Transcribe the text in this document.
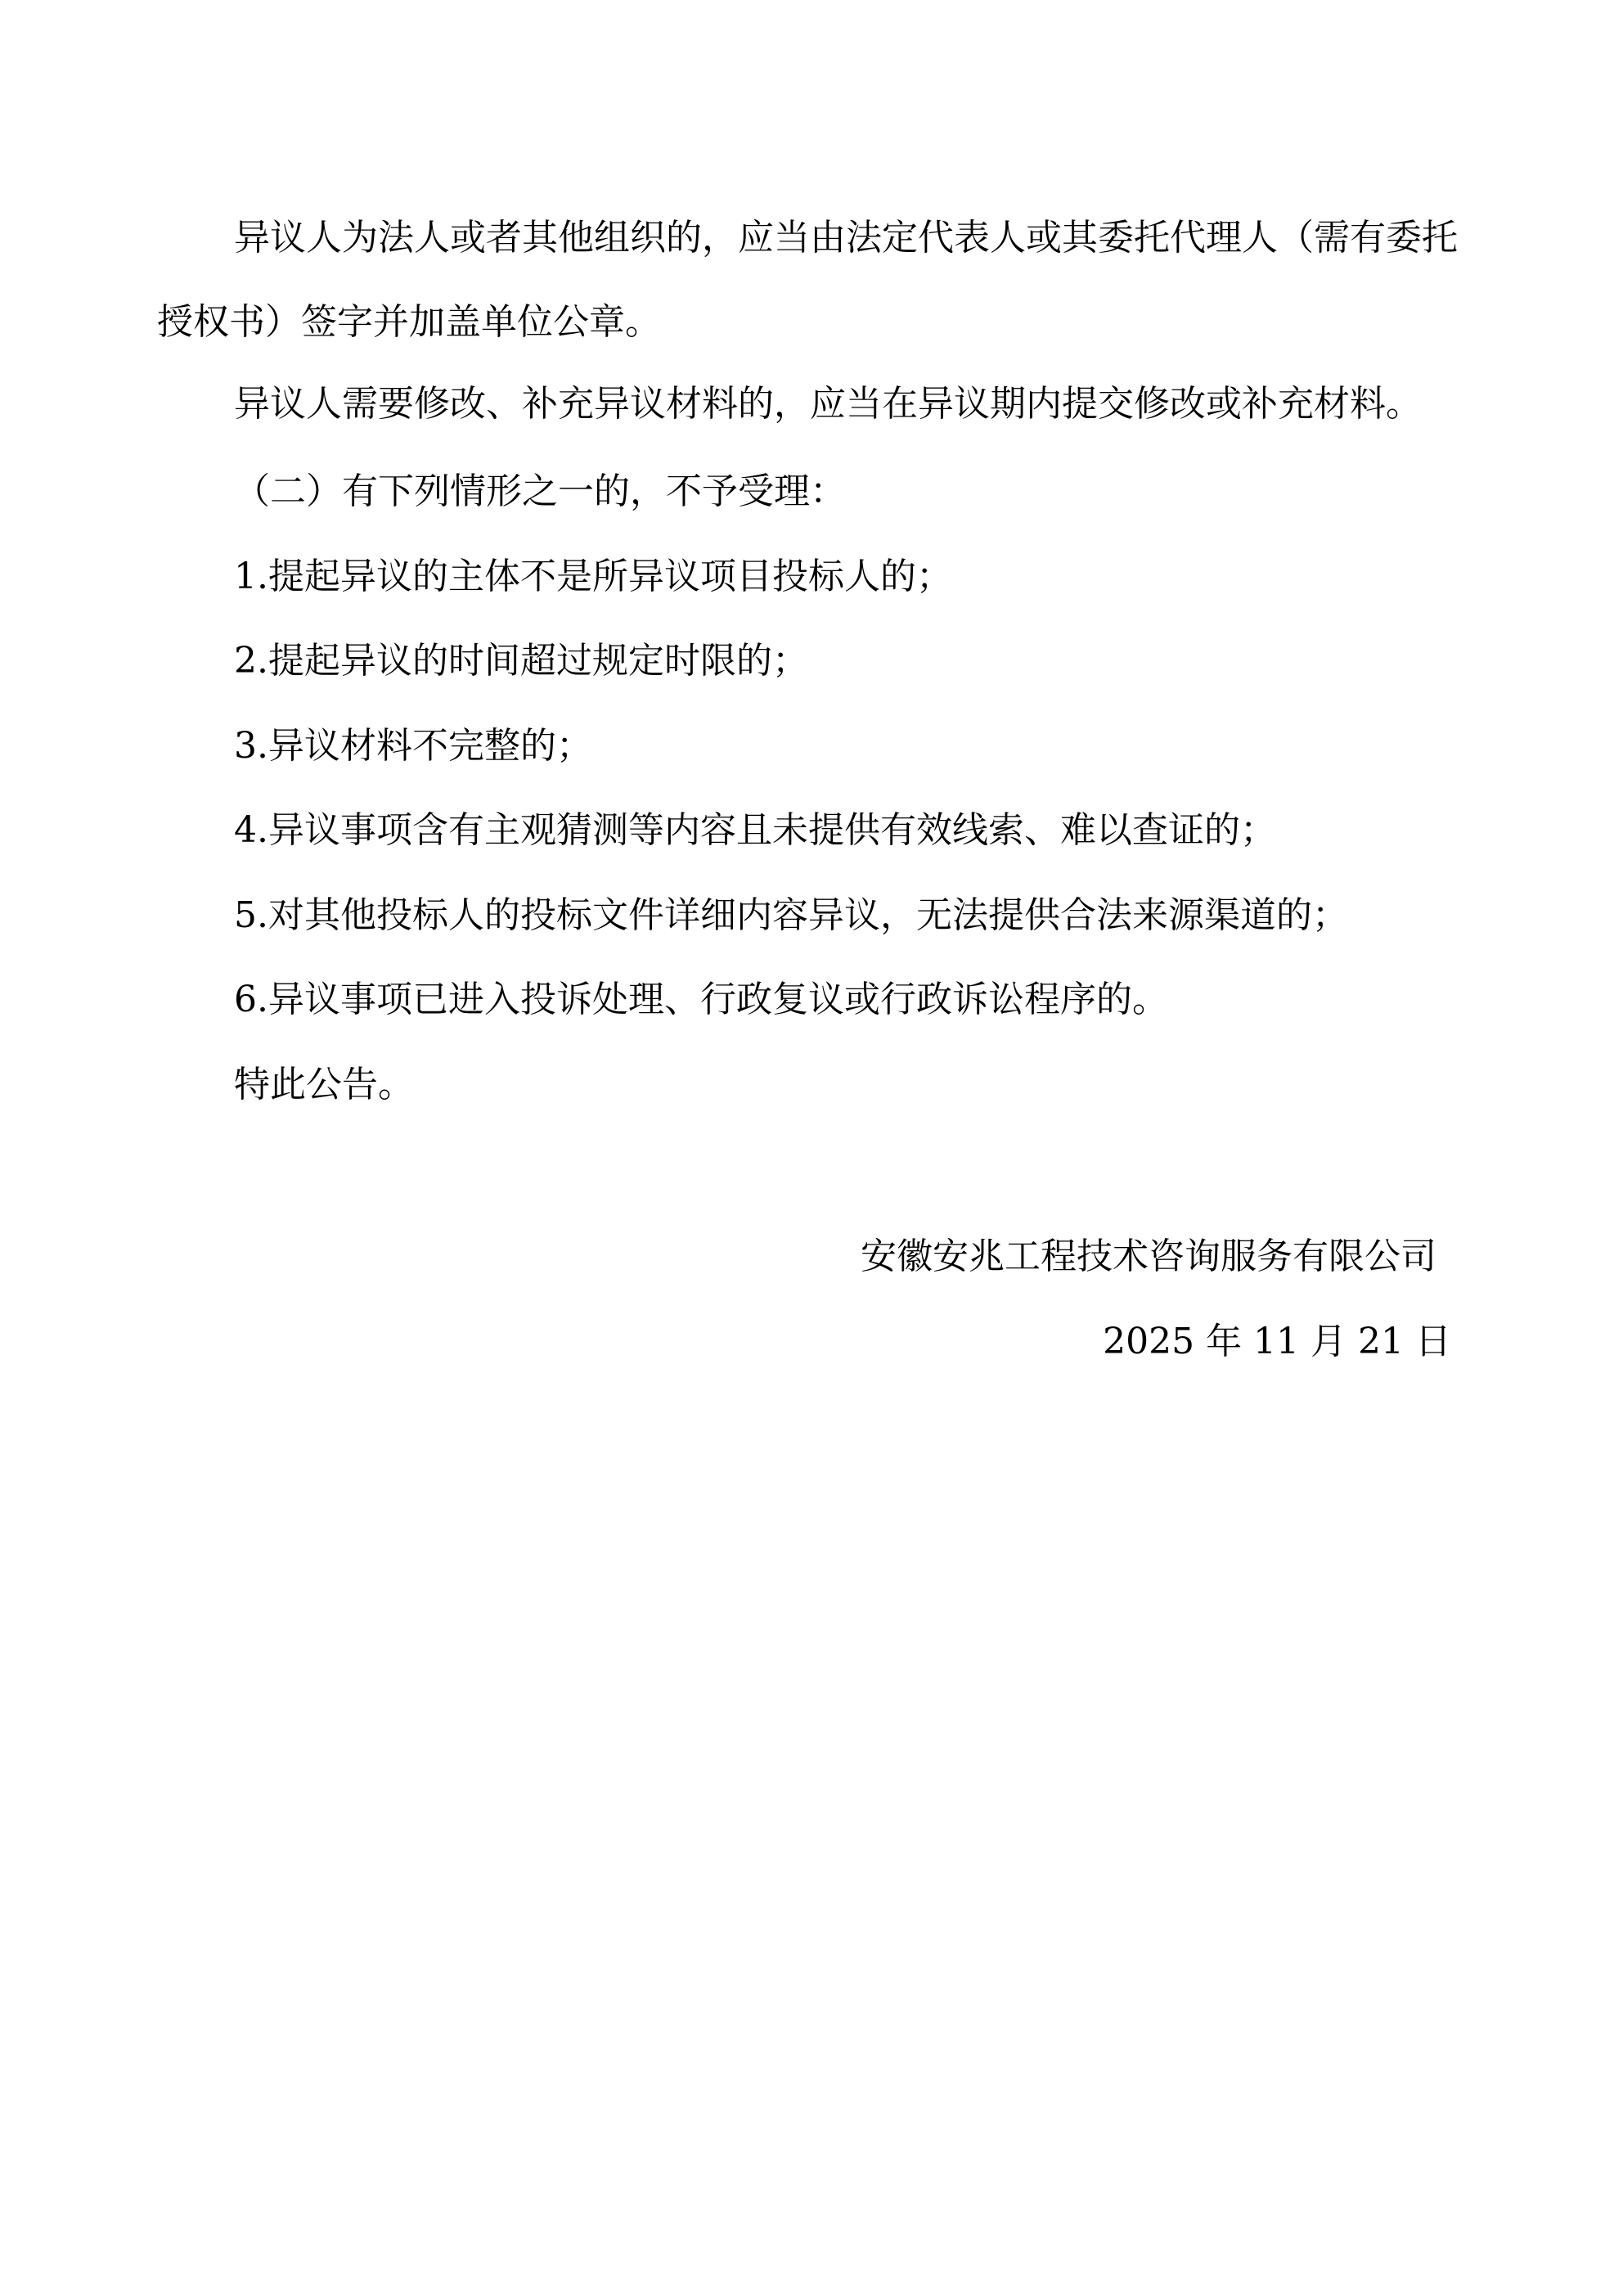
异议人为法人或者其他组织的，应当由法定代表人或其委托代理人（需有委托授权书）签字并加盖单位公章。

异议人需要修改、补充异议材料的，应当在异议期内提交修改或补充材料。

（二）有下列情形之一的，不予受理：

1.提起异议的主体不是所异议项目投标人的；

2.提起异议的时间超过规定时限的；

3.异议材料不完整的；

4.异议事项含有主观猜测等内容且未提供有效线索、难以查证的；

5.对其他投标人的投标文件详细内容异议，无法提供合法来源渠道的；

6.异议事项已进入投诉处理、行政复议或行政诉讼程序的。

特此公告。

安徽安兆工程技术咨询服务有限公司

2025 年 11 月 21 日
